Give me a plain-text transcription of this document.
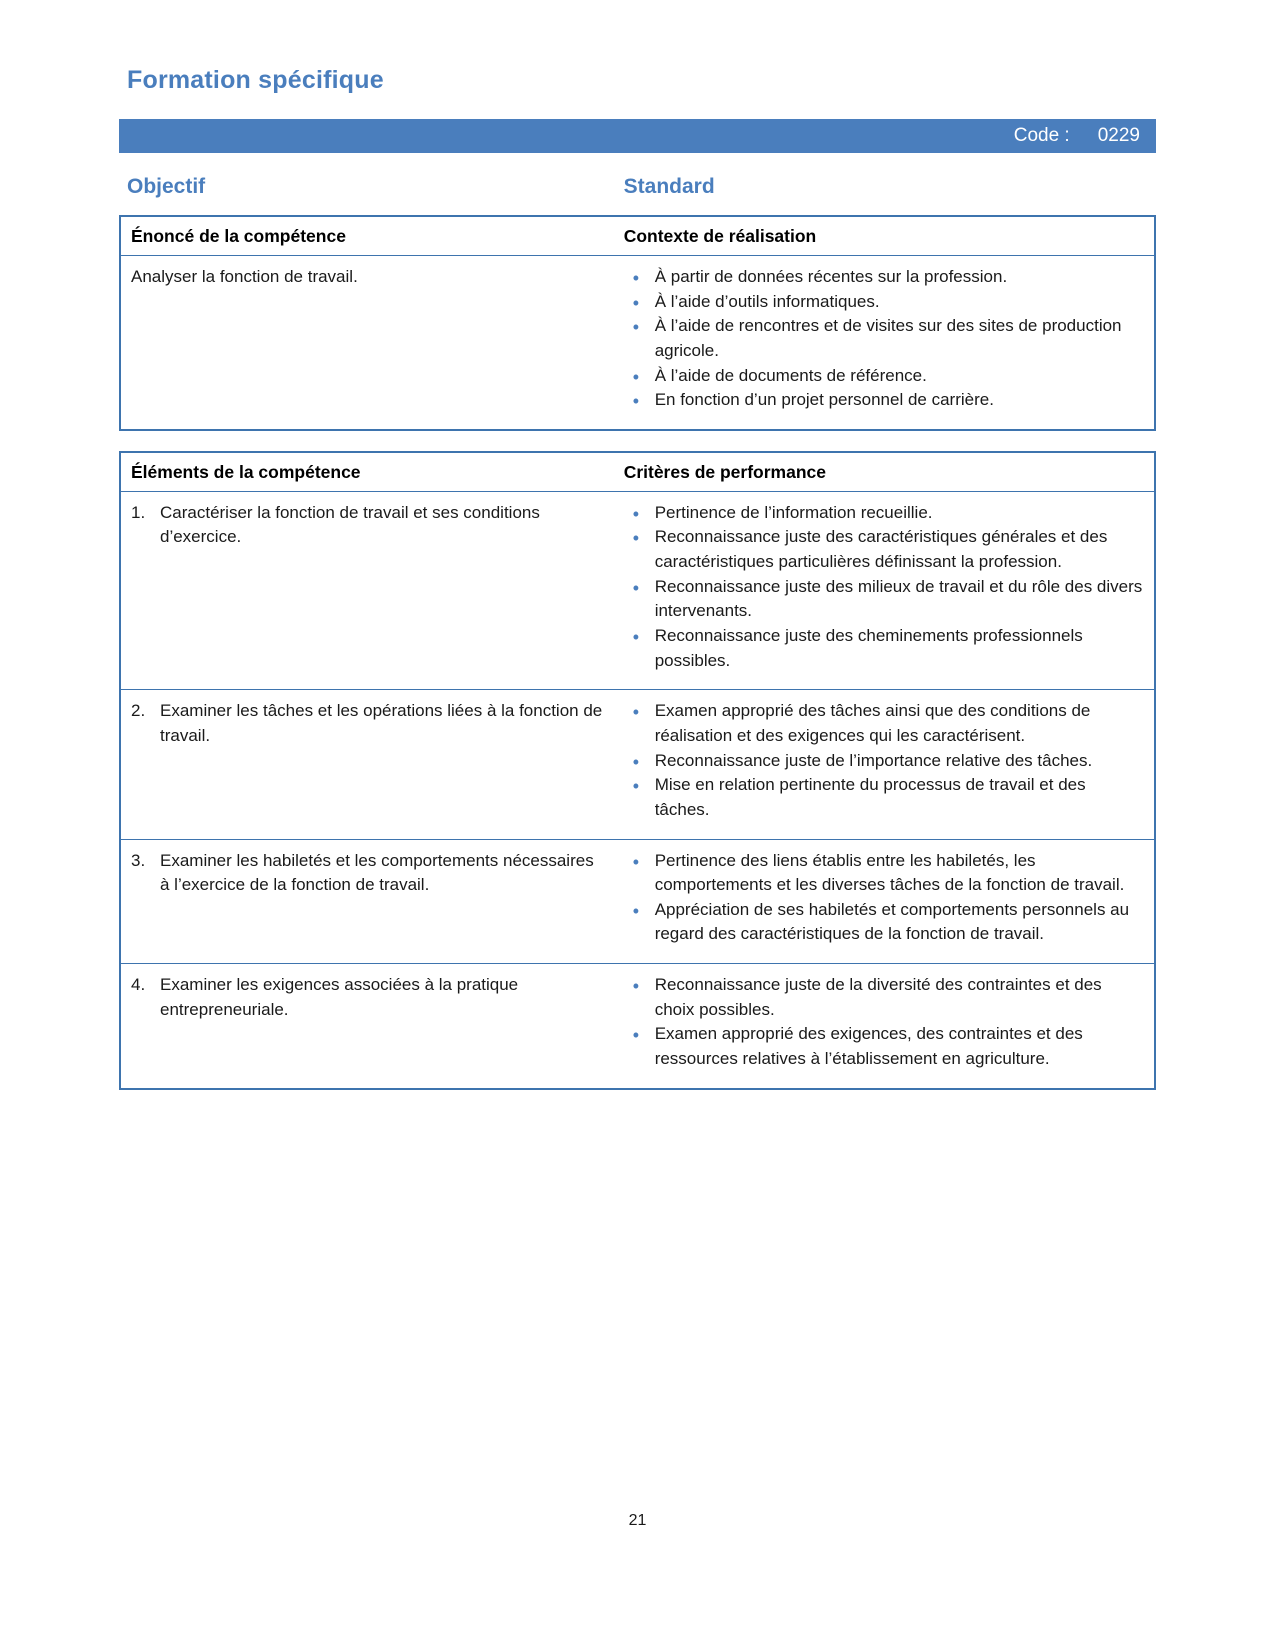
Formation spécifique
Code : 0229
Objectif	Standard
Énoncé de la compétence	Contexte de réalisation

Analyser la fonction de travail.

•À partir de données récentes sur la profession.
• À l’aide d’outils informatiques.
• À l’aide de rencontres et de visites sur des sites de production agricole.
• À l’aide de documents de référence.
• En fonction d’un projet personnel de carrière.
Éléments de la compétence	Critères de performance

1. Caractériser la fonction de travail et ses conditions d’exercice.

• Pertinence de l’information recueillie.
• Reconnaissance juste des caractéristiques générales et des caractéristiques particulières définissant la profession.
• Reconnaissance juste des milieux de travail et du rôle des divers intervenants.
• Reconnaissance juste des cheminements professionnels possibles.

2. Examiner les tâches et les opérations liées à la fonction de travail.

• Examen approprié des tâches ainsi que des conditions de réalisation et des exigences qui les caractérisent.
• Reconnaissance juste de l’importance relative des tâches.
• Mise en relation pertinente du processus de travail et des tâches.

3. Examiner les habiletés et les comportements nécessaires à l’exercice de la fonction de travail.

• Pertinence des liens établis entre les habiletés, les comportements et les diverses tâches de la fonction de travail.
• Appréciation de ses habiletés et comportements personnels au regard des caractéristiques de la fonction de travail.

4. Examiner les exigences associées à la pratique entrepreneuriale.

• Reconnaissance juste de la diversité des contraintes et des choix possibles.
• Examen approprié des exigences, des contraintes et des ressources relatives à l’établissement en agriculture.
21
